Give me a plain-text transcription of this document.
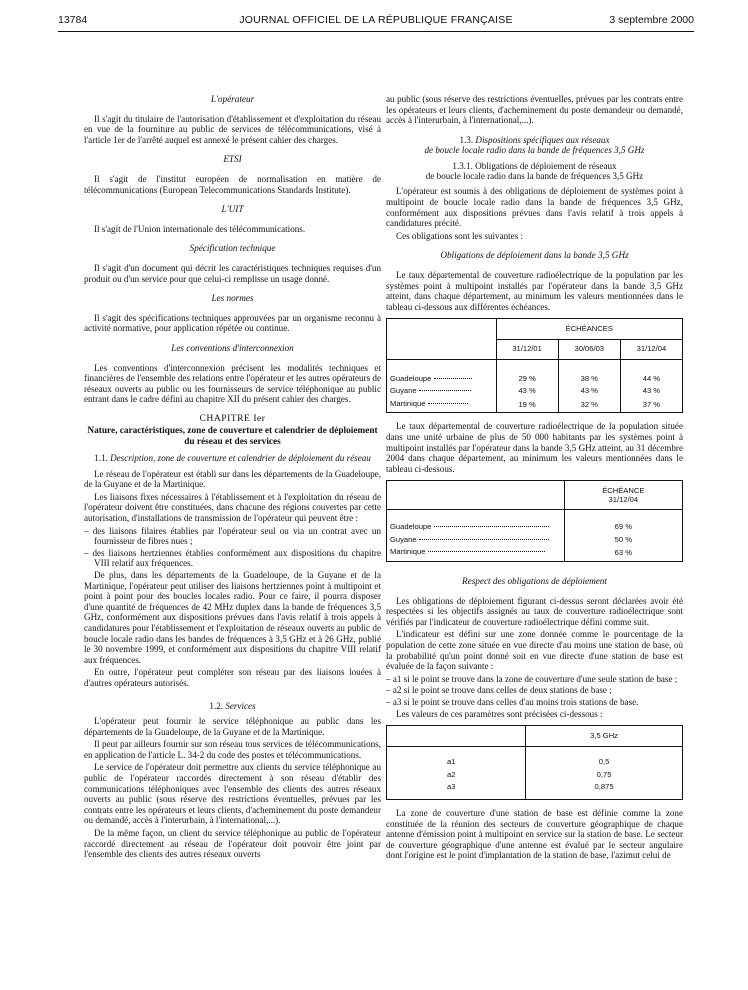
13784	JOURNAL OFFICIEL DE LA RÉPUBLIQUE FRANÇAISE	3 septembre 2000
L'opérateur

Il s'agit du titulaire de l'autorisation d'établissement et d'exploitation du réseau en vue de la fourniture au public de services de télécommunications, visé à l'article 1er de l'arrêté auquel est annexé le présent cahier des charges.

ETSI

Il s'agit de l'institut européen de normalisation en matière de télécommunications (European Telecommunications Standards Institute).

L'UIT

Il s'agit de l'Union internationale des télécommunications.

Spécification technique

Il s'agit d'un document qui décrit les caractéristiques techniques requises d'un produit ou d'un service pour que celui-ci remplisse un usage donné.

Les normes

Il s'agit des spécifications techniques approuvées par un organisme reconnu à activité normative, pour application répétée ou continue.

Les conventions d'interconnexion

Les conventions d'interconnexion précisent les modalités techniques et financières de l'ensemble des relations entre l'opérateur et les autres opérateurs de réseaux ouverts au public ou les fournisseurs de service téléphonique au public entrant dans le cadre défini au chapitre XII du présent cahier des charges.

CHAPITRE Ier
Nature, caractéristiques, zone de couverture et calendrier de déploiement du réseau et des services
1.1. Description, zone de couverture et calendrier de déploiement du réseau

Le réseau de l'opérateur est établi sur dans les départements de la Guadeloupe, de la Guyane et de la Martinique.

Les liaisons fixes nécessaires à l'établissement et à l'exploitation du réseau de l'opérateur doivent être constituées, dans chacune des régions couvertes par cette autorisation, d'installations de transmission de l'opérateur qui peuvent être :

– des liaisons filaires établies par l'opérateur seul ou via un contrat avec un fournisseur de fibres nues ;
– des liaisons hertziennes établies conformément aux dispositions du chapitre VIII relatif aux fréquences.

De plus, dans les départements de la Guadeloupe, de la Guyane et de la Martinique, l'opérateur peut utiliser des liaisons hertziennes point à multipoint et point à point pour des boucles locales radio. Pour ce faire, il pourra disposer d'une quantité de fréquences de 42 MHz duplex dans la bande de fréquences 3,5 GHz, conformément aux dispositions prévues dans l'avis relatif à trois appels à candidatures pour l'établissement et l'exploitation de réseaux ouverts au public de boucle locale radio dans les bandes de fréquences à 3,5 GHz et à 26 GHz, publié le 30 novembre 1999, et conformément aux dispositions du chapitre VIII relatif aux fréquences.

En outre, l'opérateur peut compléter son réseau par des liaisons louées à d'autres opérateurs autorisés.

1.2. Services

L'opérateur peut fournir le service téléphonique au public dans les départements de la Guadeloupe, de la Guyane et de la Martinique.

Il peut par ailleurs fournir sur son réseau tous services de télécommunications, en application de l'article L. 34-2 du code des postes et télécommunications.

Le service de l'opérateur doit permettre aux clients du service téléphonique au public de l'opérateur raccordés directement à son réseau d'établir des communications téléphoniques avec l'ensemble des clients des autres réseaux ouverts au public (sous réserve des restrictions éventuelles, prévues par les contrats entre les opérateurs et leurs clients, d'acheminement du poste demandeur ou demandé, accès à l'interurbain, à l'international,...).

De la même façon, un client du service téléphonique au public de l'opérateur raccordé directement au réseau de l'opérateur doit pouvoir être joint par l'ensemble des clients des autres réseaux ouverts

au public (sous réserve des restrictions éventuelles, prévues par les contrats entre les opérateurs et leurs clients, d'acheminement du poste demandeur ou demandé, accès à l'interurbain, à l'international,...).

1.3. Dispositions spécifiques aux réseaux
de boucle locale radio dans la bande de fréquences 3,5 GHz
1.3.1. Obligations de déploiement de réseaux
de boucle locale radio dans la bande de fréquences 3,5 GHz

L'opérateur est soumis à des obligations de déploiement de systèmes point à multipoint de boucle locale radio dans la bande de fréquences 3,5 GHz, conformément aux dispositions prévues dans l'avis relatif à trois appels à candidatures précité.

Ces obligations sont les suivantes :

Obligations de déploiement dans la bande 3,5 GHz

Le taux départemental de couverture radioélectrique de la population par les systèmes point à multipoint installés par l'opérateur dans la bande 3,5 GHz atteint, dans chaque département, au minimum les valeurs mentionnées dans le tableau ci-dessous aux différentes échéances.

	ÉCHÉANCES		
	31/12/01	30/06/03	31/12/04
Guadeloupe	29 %	38 %	44 %
Guyane	43 %	43 %	43 %
Martinique	19 %	32 %	37 %

Le taux départemental de couverture radioélectrique de la population située dans une unité urbaine de plus de 50 000 habitants par les systèmes point à multipoint installés par l'opérateur dans la bande 3,5 GHz atteint, au 31 décembre 2004 dans chaque département, au minimum les valeurs mentionnées dans le tableau ci-dessous.

	ÉCHÉANCE
31/12/04
Guadeloupe	69 %
Guyane	50 %
Martinique	63 %
Respect des obligations de déploiement

Les obligations de déploiement figurant ci-dessus seront déclarées avoir été respectées si les objectifs assignés au taux de couverture radioélectrique sont vérifiés par l'indicateur de couverture radioélectrique défini comme suit.

L'indicateur est défini sur une zone donnée comme le pourcentage de la population de cette zone située en vue directe d'au moins une station de base, où la probabilité qu'un point donné soit en vue directe d'une station de base est évaluée de la façon suivante :

– a1 si le point se trouve dans la zone de couverture d'une seule station de base ;
– a2 si le point se trouve dans celles de deux stations de base ;
– a3 si le point se trouve dans celles d'au moins trois stations de base.

Les valeurs de ces paramètres sont précisées ci-dessous :

	3,5 GHz
a1	0,5
a2	0,75
a3	0,875

La zone de couverture d'une station de base est définie comme la zone constituée de la réunion des secteurs de couverture géographique de chaque antenne d'émission point à multipoint en service sur la station de base. Le secteur de couverture géographique d'une antenne est évalué par le secteur angulaire dont l'origine est le point d'implantation de la station de base, l'azimut celui de
